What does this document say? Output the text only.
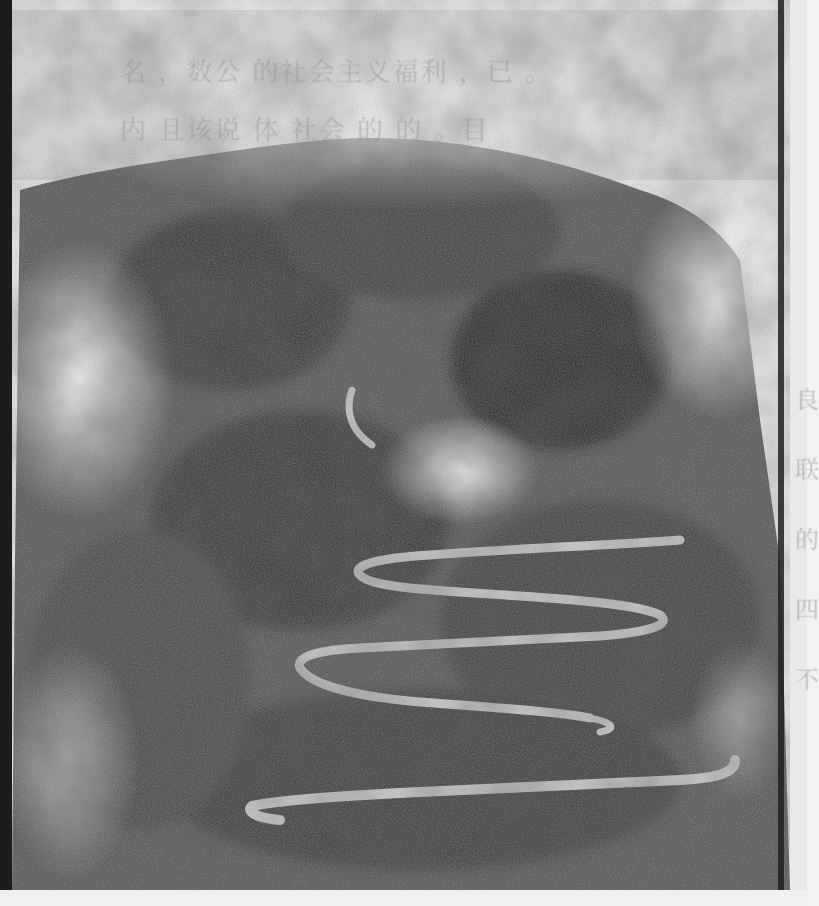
名 ，数公 的社会主义福利 ，已 。
内 且该说 体 社会 的 的 。目
良
联
的
四
不
